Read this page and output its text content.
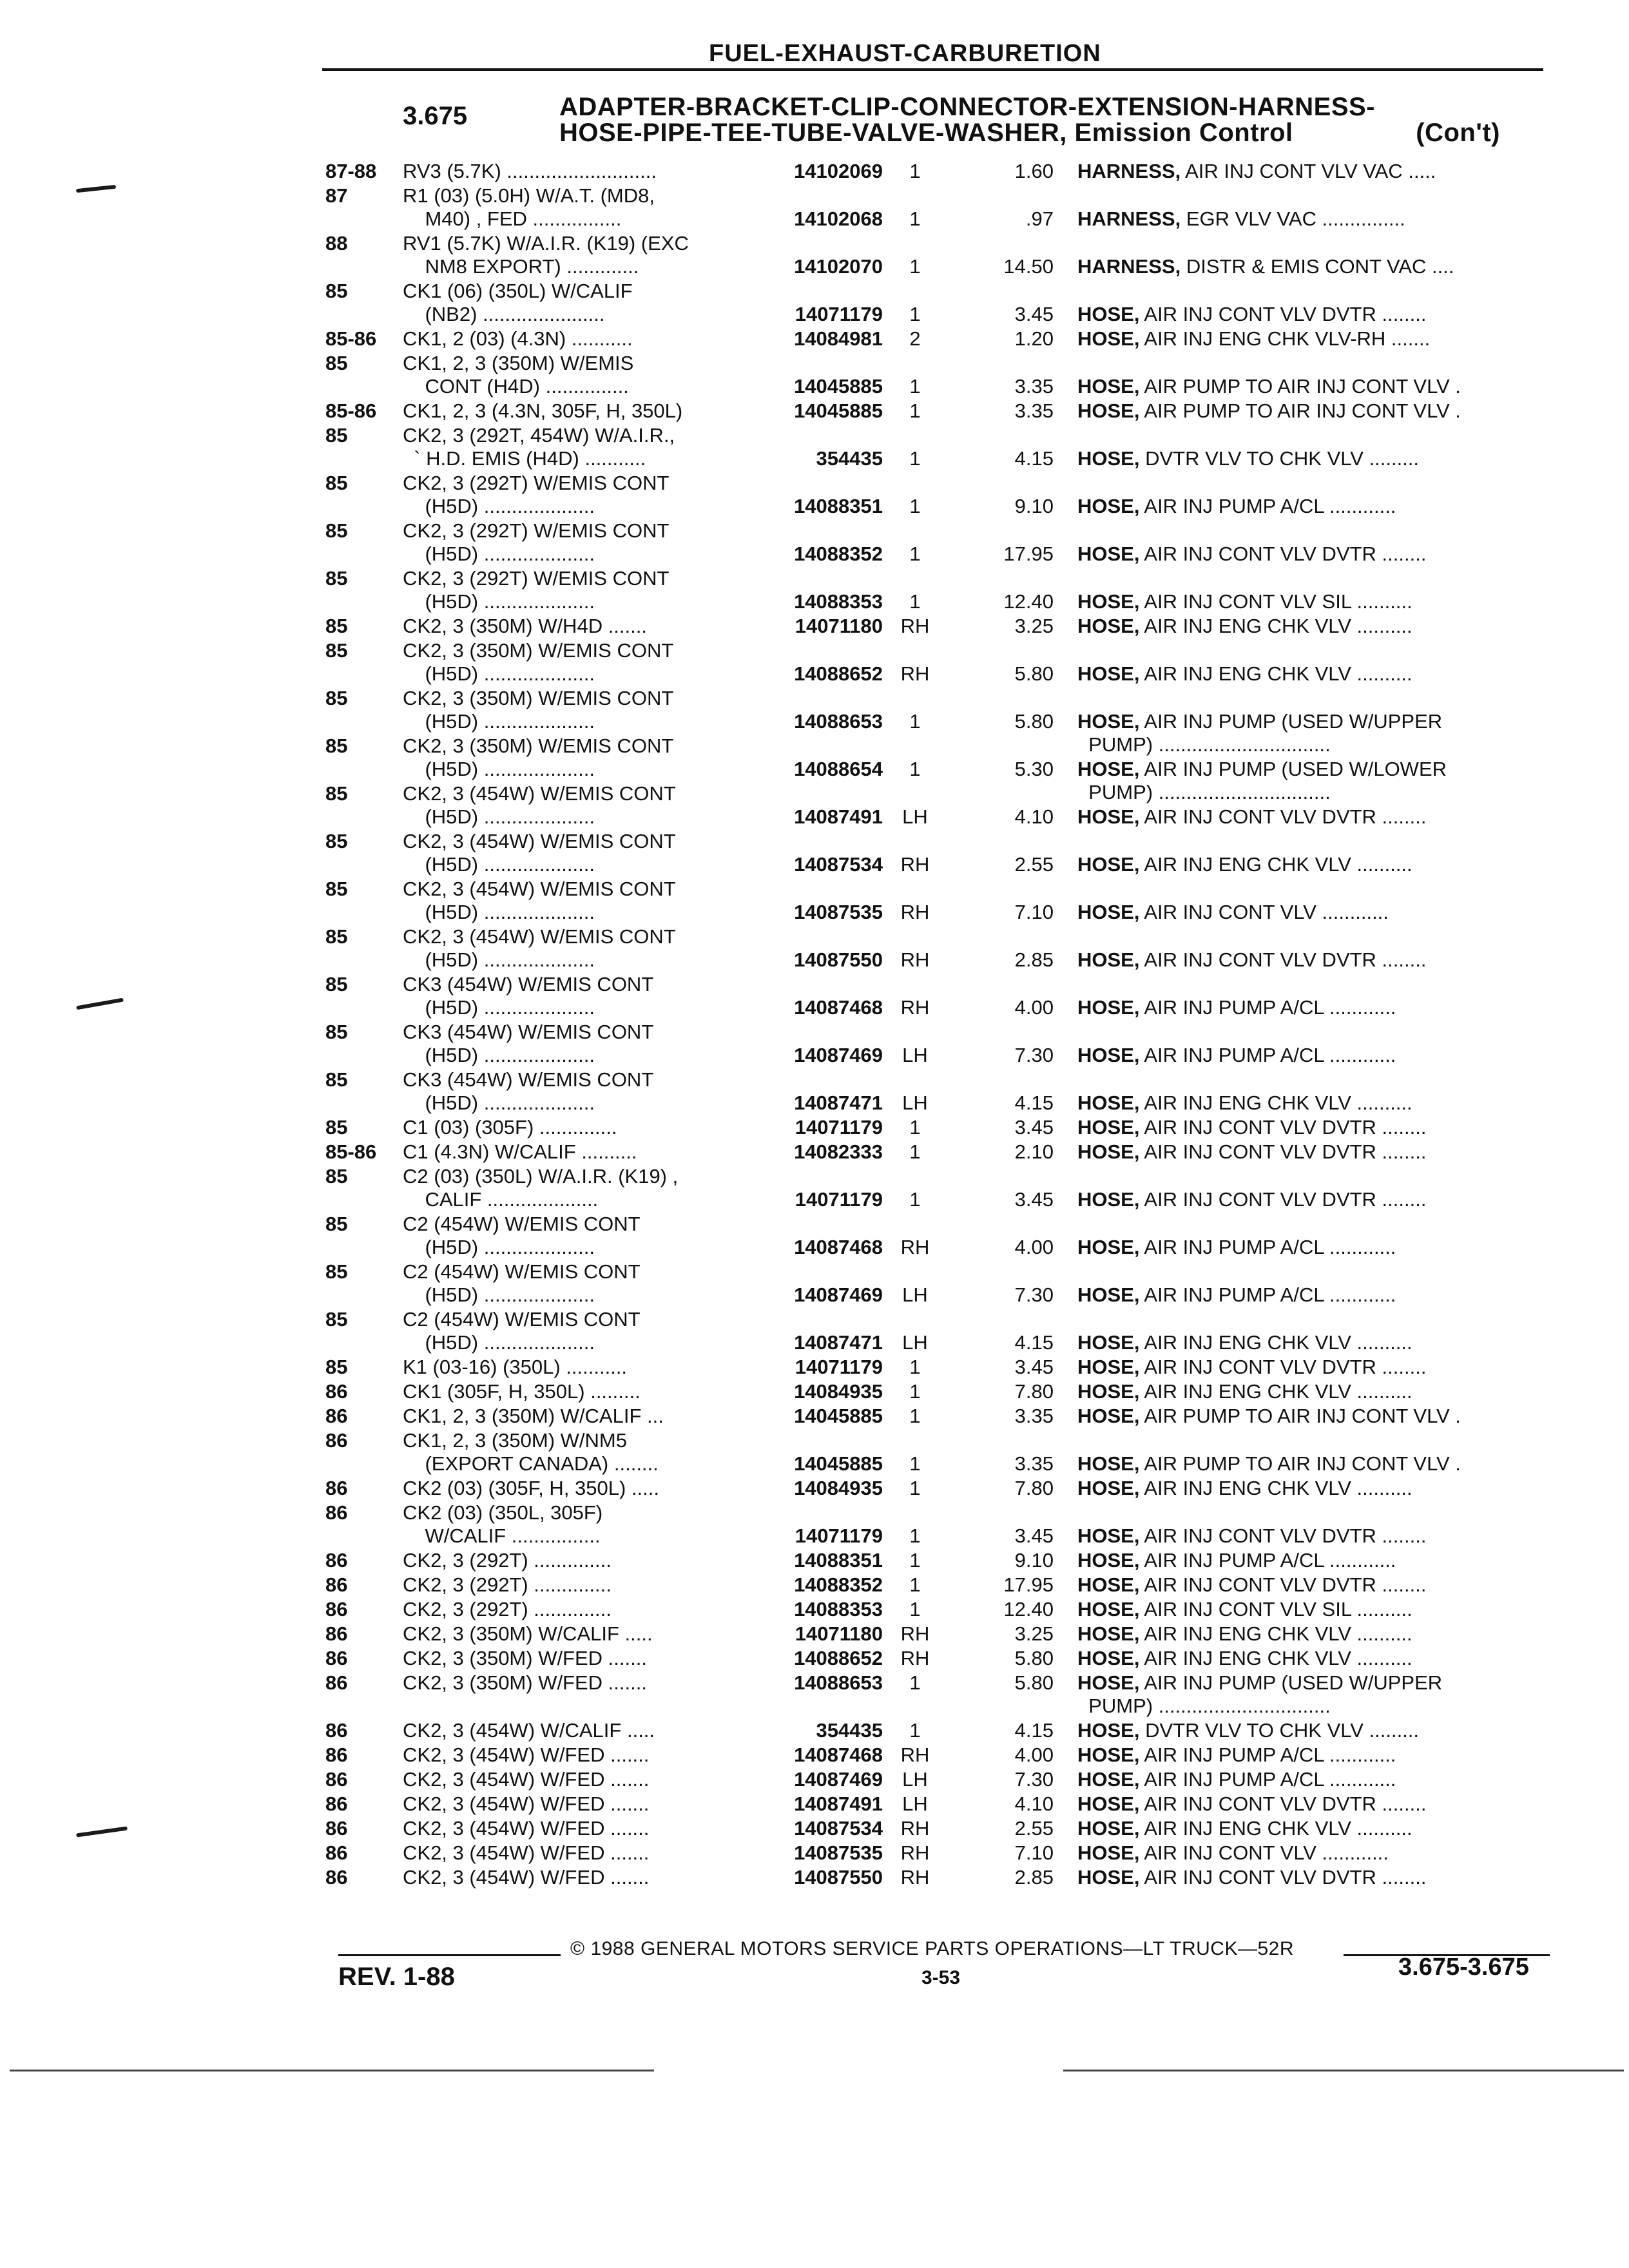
FUEL-EXHAUST-CARBURETION
3.675	ADAPTER-BRACKET-CLIP-CONNECTOR-EXTENSION-HARNESS-
HOSE-PIPE-TEE-TUBE-VALVE-WASHER, Emission Control	(Con't)
87-88 RV3 (5.7K) ...........................	14102069	1	1.60 HARNESS, AIR INJ CONT VLV VAC .....
87	R1 (03) (5.0H) W/A.T. (MD8,
M40) , FED ................	14102068	1	.97 HARNESS, EGR VLV VAC ...............
88	RV1 (5.7K) W/A.I.R. (K19) (EXC
NM8 EXPORT) .............	14102070	1	14.50 HARNESS, DISTR & EMIS CONT VAC ....
85	CK1 (06) (350L) W/CALIF
(NB2) ......................	14071179	1	3.45 HOSE, AIR INJ CONT VLV DVTR ........
85-86 CK1, 2 (03) (4.3N) ...........	14084981	2	1.20 HOSE, AIR INJ ENG CHK VLV-RH .......
85	CK1, 2, 3 (350M) W/EMIS
CONT (H4D) ...............	14045885	1	3.35 HOSE, AIR PUMP TO AIR INJ CONT VLV .
85-86 CK1, 2, 3 (4.3N, 305F, H, 350L)	14045885	1	3.35 HOSE, AIR PUMP TO AIR INJ CONT VLV .
85	CK2, 3 (292T, 454W) W/A.I.R.,
` H.D. EMIS (H4D) ...........	354435	1	4.15 HOSE, DVTR VLV TO CHK VLV .........
85	CK2, 3 (292T) W/EMIS CONT
(H5D) ....................	14088351	1	9.10 HOSE, AIR INJ PUMP A/CL ............
85	CK2, 3 (292T) W/EMIS CONT
(H5D) ....................	14088352	1	17.95 HOSE, AIR INJ CONT VLV DVTR ........
85	CK2, 3 (292T) W/EMIS CONT
(H5D) ....................	14088353	1	12.40 HOSE, AIR INJ CONT VLV SIL ..........
85	CK2, 3 (350M) W/H4D .......	14071180 RH	3.25 HOSE, AIR INJ ENG CHK VLV ..........
85	CK2, 3 (350M) W/EMIS CONT
(H5D) ....................	14088652 RH	5.80 HOSE, AIR INJ ENG CHK VLV ..........
85	CK2, 3 (350M) W/EMIS CONT
(H5D) ....................	14088653	1	5.80 HOSE, AIR INJ PUMP (USED W/UPPER
PUMP) ...............................
85	CK2, 3 (350M) W/EMIS CONT
(H5D) ....................	14088654	1	5.30 HOSE, AIR INJ PUMP (USED W/LOWER
PUMP) ...............................
85	CK2, 3 (454W) W/EMIS CONT
(H5D) ....................	14087491 LH	4.10 HOSE, AIR INJ CONT VLV DVTR ........
85	CK2, 3 (454W) W/EMIS CONT
(H5D) ....................	14087534 RH	2.55 HOSE, AIR INJ ENG CHK VLV ..........
85	CK2, 3 (454W) W/EMIS CONT
(H5D) ....................	14087535 RH	7.10 HOSE, AIR INJ CONT VLV ............
85	CK2, 3 (454W) W/EMIS CONT
(H5D) ....................	14087550 RH	2.85 HOSE, AIR INJ CONT VLV DVTR ........
85	CK3 (454W) W/EMIS CONT
(H5D) ....................	14087468 RH	4.00 HOSE, AIR INJ PUMP A/CL ............
85	CK3 (454W) W/EMIS CONT
(H5D) ....................	14087469 LH	7.30 HOSE, AIR INJ PUMP A/CL ............
85	CK3 (454W) W/EMIS CONT
(H5D) ....................	14087471 LH	4.15 HOSE, AIR INJ ENG CHK VLV ..........
85	C1 (03) (305F) ..............	14071179	1	3.45 HOSE, AIR INJ CONT VLV DVTR ........
85-86 C1 (4.3N) W/CALIF ..........	14082333	1	2.10 HOSE, AIR INJ CONT VLV DVTR ........
85	C2 (03) (350L) W/A.I.R. (K19) ,
CALIF ....................	14071179	1	3.45 HOSE, AIR INJ CONT VLV DVTR ........
85	C2 (454W) W/EMIS CONT
(H5D) ....................	14087468 RH	4.00 HOSE, AIR INJ PUMP A/CL ............
85	C2 (454W) W/EMIS CONT
(H5D) ....................	14087469 LH	7.30 HOSE, AIR INJ PUMP A/CL ............
85	C2 (454W) W/EMIS CONT
(H5D) ....................	14087471 LH	4.15 HOSE, AIR INJ ENG CHK VLV ..........
85	K1 (03-16) (350L) ...........	14071179	1	3.45 HOSE, AIR INJ CONT VLV DVTR ........
86	CK1 (305F, H, 350L) .........	14084935	1	7.80 HOSE, AIR INJ ENG CHK VLV ..........
86	CK1, 2, 3 (350M) W/CALIF ...	14045885	1	3.35 HOSE, AIR PUMP TO AIR INJ CONT VLV .
86	CK1, 2, 3 (350M) W/NM5
(EXPORT CANADA) ........	14045885	1	3.35 HOSE, AIR PUMP TO AIR INJ CONT VLV .
86	CK2 (03) (305F, H, 350L) .....	14084935	1	7.80 HOSE, AIR INJ ENG CHK VLV ..........
86	CK2 (03) (350L, 305F)
W/CALIF ................	14071179	1	3.45 HOSE, AIR INJ CONT VLV DVTR ........
86	CK2, 3 (292T) ..............	14088351	1	9.10 HOSE, AIR INJ PUMP A/CL ............
86	CK2, 3 (292T) ..............	14088352	1	17.95 HOSE, AIR INJ CONT VLV DVTR ........
86	CK2, 3 (292T) ..............	14088353	1	12.40 HOSE, AIR INJ CONT VLV SIL ..........
86	CK2, 3 (350M) W/CALIF .....	14071180 RH	3.25 HOSE, AIR INJ ENG CHK VLV ..........
86	CK2, 3 (350M) W/FED .......	14088652 RH	5.80 HOSE, AIR INJ ENG CHK VLV ..........
86	CK2, 3 (350M) W/FED .......	14088653	1	5.80 HOSE, AIR INJ PUMP (USED W/UPPER
PUMP) ...............................
86	CK2, 3 (454W) W/CALIF .....	354435	1	4.15 HOSE, DVTR VLV TO CHK VLV .........
86	CK2, 3 (454W) W/FED .......	14087468 RH	4.00 HOSE, AIR INJ PUMP A/CL ............
86	CK2, 3 (454W) W/FED .......	14087469 LH	7.30 HOSE, AIR INJ PUMP A/CL ............
86	CK2, 3 (454W) W/FED .......	14087491 LH	4.10 HOSE, AIR INJ CONT VLV DVTR ........
86	CK2, 3 (454W) W/FED .......	14087534 RH	2.55 HOSE, AIR INJ ENG CHK VLV ..........
86	CK2, 3 (454W) W/FED .......	14087535 RH	7.10 HOSE, AIR INJ CONT VLV ............
86	CK2, 3 (454W) W/FED .......	14087550 RH	2.85 HOSE, AIR INJ CONT VLV DVTR ........
© 1988 GENERAL MOTORS SERVICE PARTS OPERATIONS—LT TRUCK—52R
REV. 1-88	3-53	3.675-3.675
